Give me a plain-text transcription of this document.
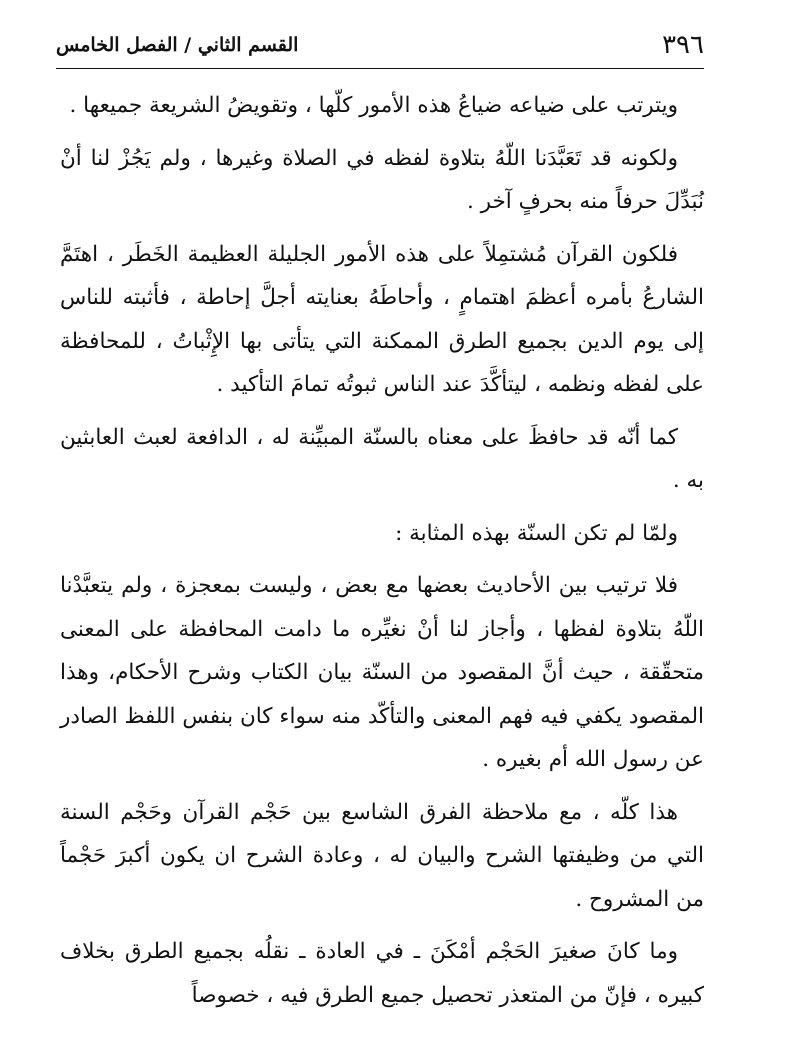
٣٩٦
القسم الثاني / الفصل الخامس

ويترتب على ضياعه ضياعُ هذه الأمور كلّها ، وتقويضُ الشريعة جميعها .

ولكونه قد تَعَبَّدَنا اللّهُ بتلاوة لفظه في الصلاة وغيرها ، ولم يَجُزْ لنا أنْ نُبَدِّلَ حرفاً منه بحرفٍ آخر .

فلكون القرآن مُشتمِلاً على هذه الأمور الجليلة العظيمة الخَطَر ، اهتَمَّ الشارعُ بأمره أعظمَ اهتمامٍ ، وأحاطَهُ بعنايته أجلَّ إحاطة ، فأثبته للناس إلى يوم الدين بجميع الطرق الممكنة التي يتأتى بها الإِثْباتُ ، للمحافظة على لفظه ونظمه ، ليتأكَّدَ عند الناس ثبوتُه تمامَ التأكيد .

كما أنّه قد حافظَ على معناه بالسنّة المبيِّنة له ، الدافعة لعبث العابثين به .

ولمّا لم تكن السنّة بهذه المثابة :

فلا ترتيب بين الأحاديث بعضها مع بعض ، وليست بمعجزة ، ولم يتعبَّدْنا اللّهُ بتلاوة لفظها ، وأجاز لنا أنْ نغيِّره ما دامت المحافظة على المعنى متحقّقة ، حيث أنَّ المقصود من السنّة بيان الكتاب وشرح الأحكام، وهذا المقصود يكفي فيه فهم المعنى والتأكّد منه سواء كان بنفس اللفظ الصادر عن رسول الله أم بغيره .

هذا كلّه ، مع ملاحظة الفرق الشاسع بين حَجْم القرآن وحَجْم السنة التي من وظيفتها الشرح والبيان له ، وعادة الشرح ان يكون أكبرَ حَجْماً من المشروح .

وما كانَ صغيرَ الحَجْم أمْكَنَ ـ في العادة ـ نقلُه بجميع الطرق بخلاف كبيره ، فإنّ من المتعذر تحصيل جميع الطرق فيه ، خصوصاً
